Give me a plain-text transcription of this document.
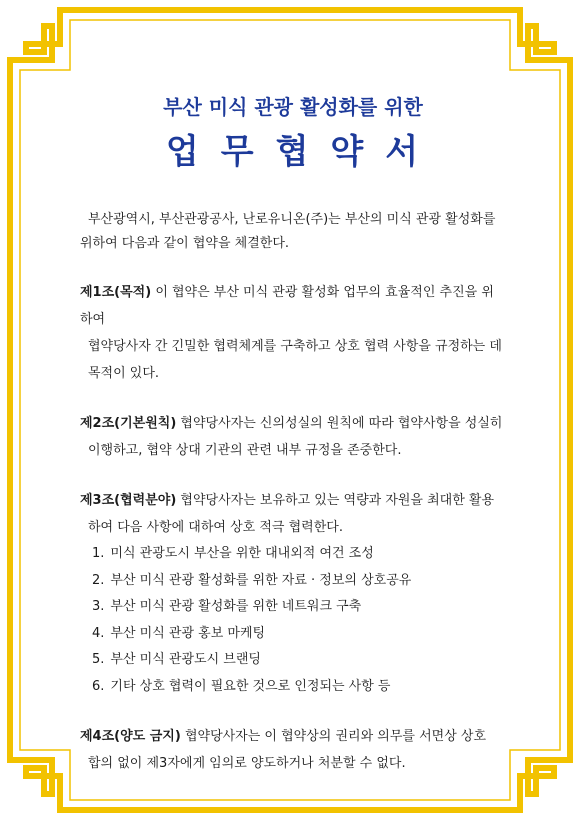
부산 미식 관광 활성화를 위한
업무협약서
부산광역시, 부산관광공사, 난로유니온(주)는 부산의 미식 관광 활성화를 위하여 다음과 같이 협약을 체결한다.
제1조(목적) 이 협약은 부산 미식 관광 활성화 업무의 효율적인 추진을 위하여
협약당사자 간 긴밀한 협력체계를 구축하고 상호 협력 사항을 규정하는 데
목적이 있다.
제2조(기본원칙) 협약당사자는 신의성실의 원칙에 따라 협약사항을 성실히
이행하고, 협약 상대 기관의 관련 내부 규정을 존중한다.
제3조(협력분야) 협약당사자는 보유하고 있는 역량과 자원을 최대한 활용
하여 다음 사항에 대하여 상호 적극 협력한다.
1. 미식 관광도시 부산을 위한 대내외적 여건 조성
2. 부산 미식 관광 활성화를 위한 자료 · 정보의 상호공유
3. 부산 미식 관광 활성화를 위한 네트워크 구축
4. 부산 미식 관광 홍보 마케팅
5. 부산 미식 관광도시 브랜딩
6. 기타 상호 협력이 필요한 것으로 인정되는 사항 등
제4조(양도 금지) 협약당사자는 이 협약상의 권리와 의무를 서면상 상호
합의 없이 제3자에게 임의로 양도하거나 처분할 수 없다.
